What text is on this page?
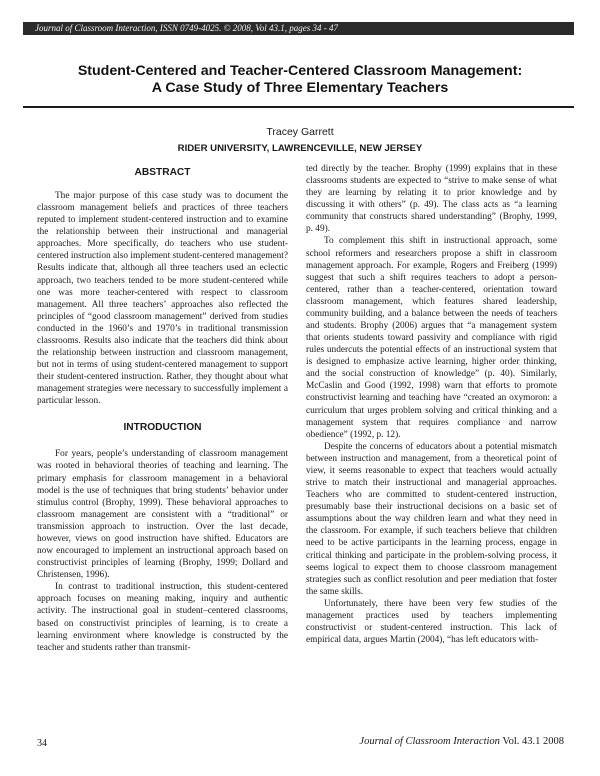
Journal of Classroom Interaction, ISSN 0749-4025. © 2008, Vol 43.1, pages 34 - 47
Student-Centered and Teacher-Centered Classroom Management:
A Case Study of Three Elementary Teachers
Tracey Garrett
RIDER UNIVERSITY, LAWRENCEVILLE, NEW JERSEY
ABSTRACT

The major purpose of this case study was to document the classroom management beliefs and practices of three teachers reputed to implement student-centered instruction and to examine the relationship between their instructional and managerial approaches. More specifically, do teachers who use student-centered instruction also implement student-centered management? Results indicate that, although all three teachers used an eclectic approach, two teachers tended to be more student-centered while one was more teacher-centered with respect to classroom management. All three teachers’ approaches also reflected the principles of “good classroom management” derived from studies conducted in the 1960’s and 1970’s in traditional transmission classrooms. Results also indicate that the teachers did think about the relationship between instruction and classroom management, but not in terms of using student-centered management to support their student-centered instruction. Rather, they thought about what management strategies were necessary to successfully implement a particular lesson.

INTRODUCTION

For years, people’s understanding of classroom management was rooted in behavioral theories of teaching and learning. The primary emphasis for classroom management in a behavioral model is the use of techniques that bring students’ behavior under stimulus control (Brophy, 1999). These behavioral approaches to classroom management are consistent with a “traditional” or transmission approach to instruction. Over the last decade, however, views on good instruction have shifted. Educators are now encouraged to implement an instructional approach based on constructivist principles of learning (Brophy, 1999; Dollard and Christensen, 1996).

In contrast to traditional instruction, this student-centered approach focuses on meaning making, inquiry and authentic activity. The instructional goal in student–centered classrooms, based on constructivist principles of learning, is to create a learning environment where knowledge is constructed by the teacher and students rather than transmit-

ted directly by the teacher. Brophy (1999) explains that in these classrooms students are expected to “strive to make sense of what they are learning by relating it to prior knowledge and by discussing it with others” (p. 49). The class acts as “a learning community that constructs shared understanding” (Brophy, 1999, p. 49).

To complement this shift in instructional approach, some school reformers and researchers propose a shift in classroom management approach. For example, Rogers and Freiberg (1999) suggest that such a shift requires teachers to adopt a person-centered, rather than a teacher-centered, orientation toward classroom management, which features shared leadership, community building, and a balance between the needs of teachers and students. Brophy (2006) argues that “a management system that orients students toward passivity and compliance with rigid rules undercuts the potential effects of an instructional system that is designed to emphasize active learning, higher order thinking, and the social construction of knowledge” (p. 40). Similarly, McCaslin and Good (1992, 1998) warn that efforts to promote constructivist learning and teaching have “created an oxymoron: a curriculum that urges problem solving and critical thinking and a management system that requires compliance and narrow obedience” (1992, p. 12).

Despite the concerns of educators about a potential mismatch between instruction and management, from a theoretical point of view, it seems reasonable to expect that teachers would actually strive to match their instructional and managerial approaches. Teachers who are committed to student-centered instruction, presumably base their instructional decisions on a basic set of assumptions about the way children learn and what they need in the classroom. For example, if such teachers believe that children need to be active participants in the learning process, engage in critical thinking and participate in the problem-solving process, it seems logical to expect them to choose classroom management strategies such as conflict resolution and peer mediation that foster the same skills.

Unfortunately, there have been very few studies of the management practices used by teachers implementing constructivist or student-centered instruction. This lack of empirical data, argues Martin (2004), “has left educators with-

34	Journal of Classroom Interaction Vol. 43.1 2008
